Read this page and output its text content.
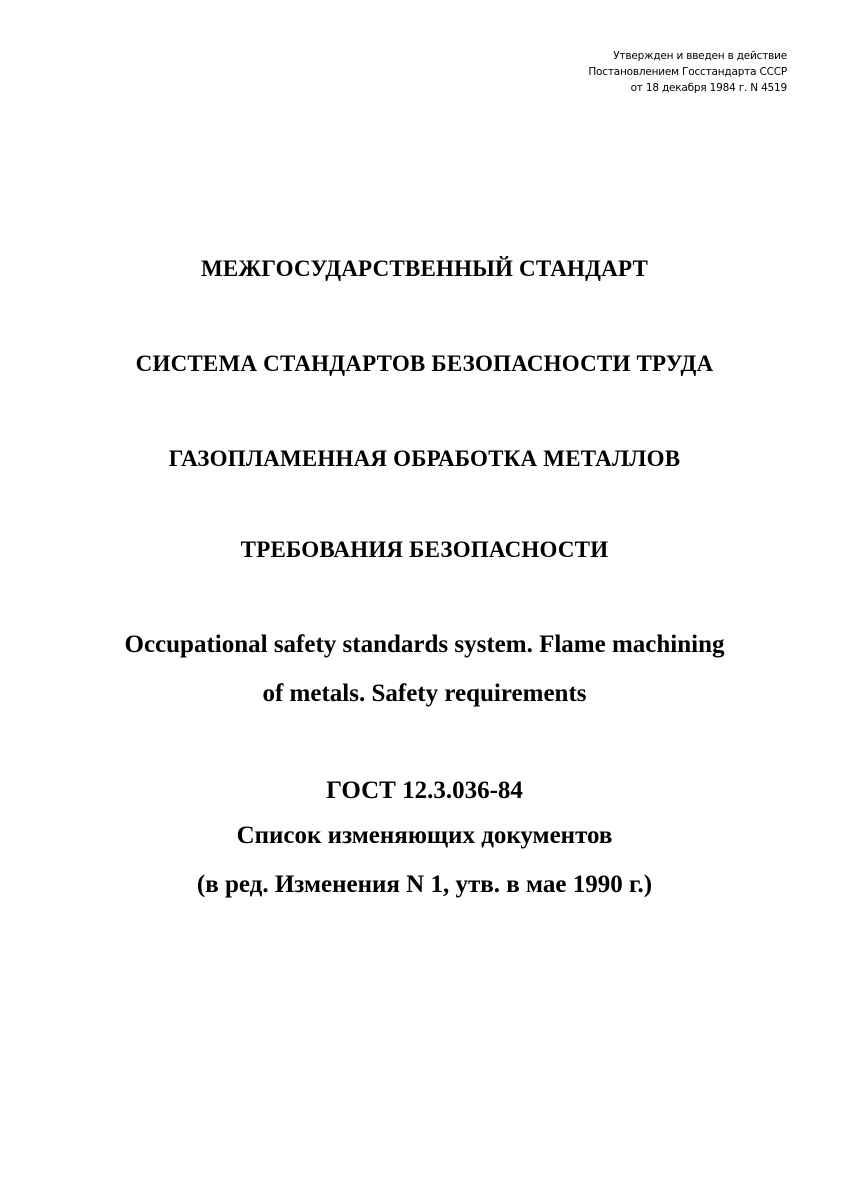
Утвержден и введен в действие
Постановлением Госстандарта СССР
от 18 декабря 1984 г. N 4519
МЕЖГОСУДАРСТВЕННЫЙ СТАНДАРТ
СИСТЕМА СТАНДАРТОВ БЕЗОПАСНОСТИ ТРУДА
ГАЗОПЛАМЕННАЯ ОБРАБОТКА МЕТАЛЛОВ
ТРЕБОВАНИЯ БЕЗОПАСНОСТИ
Occupational safety standards system. Flame machining
of metals. Safety requirements
ГОСТ 12.3.036-84
Список изменяющих документов
(в ред. Изменения N 1, утв. в мае 1990 г.)
